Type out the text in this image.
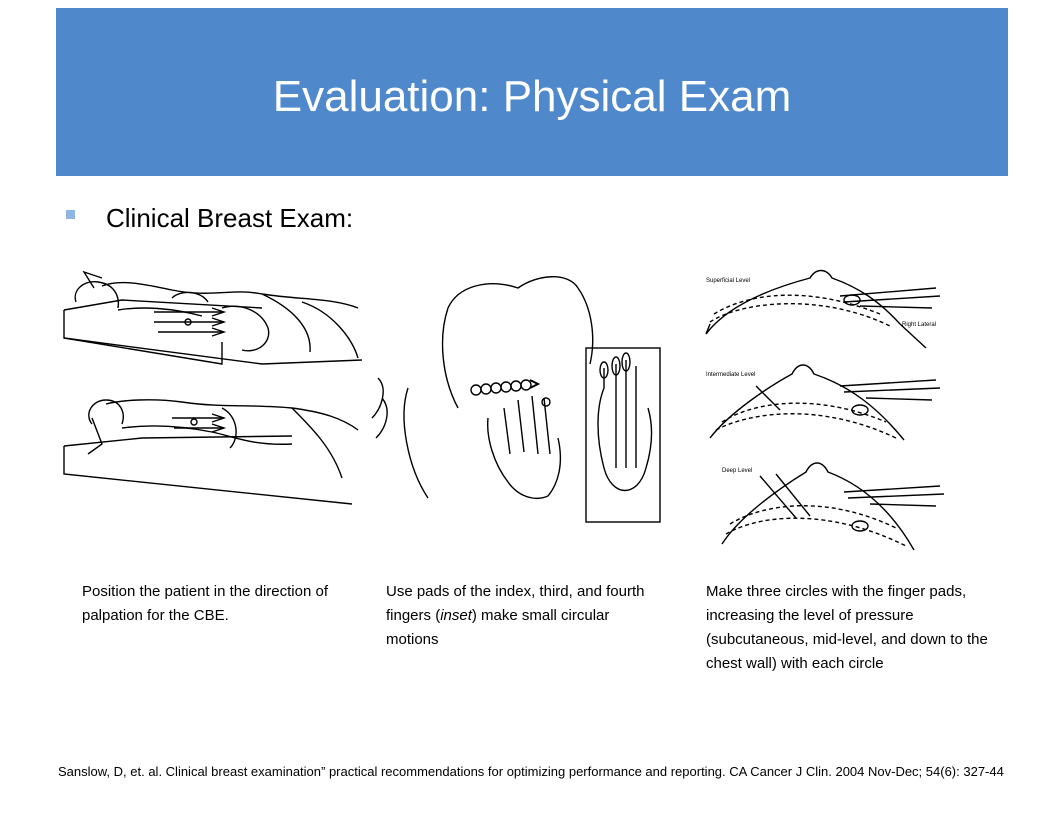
Evaluation: Physical Exam
Clinical Breast Exam:
Superficial Level
Right Lateral
Intermediate Level
Deep Level
Position the patient in the direction of palpation for the CBE.
Use pads of the index, third, and fourth fingers (inset) make small circular motions
Make three circles with the finger pads, increasing the level of pressure (subcutaneous, mid-level, and down to the chest wall) with each circle
Sanslow, D, et. al. Clinical breast examination” practical recommendations for optimizing performance and reporting. CA Cancer J Clin. 2004 Nov-Dec; 54(6): 327-44
